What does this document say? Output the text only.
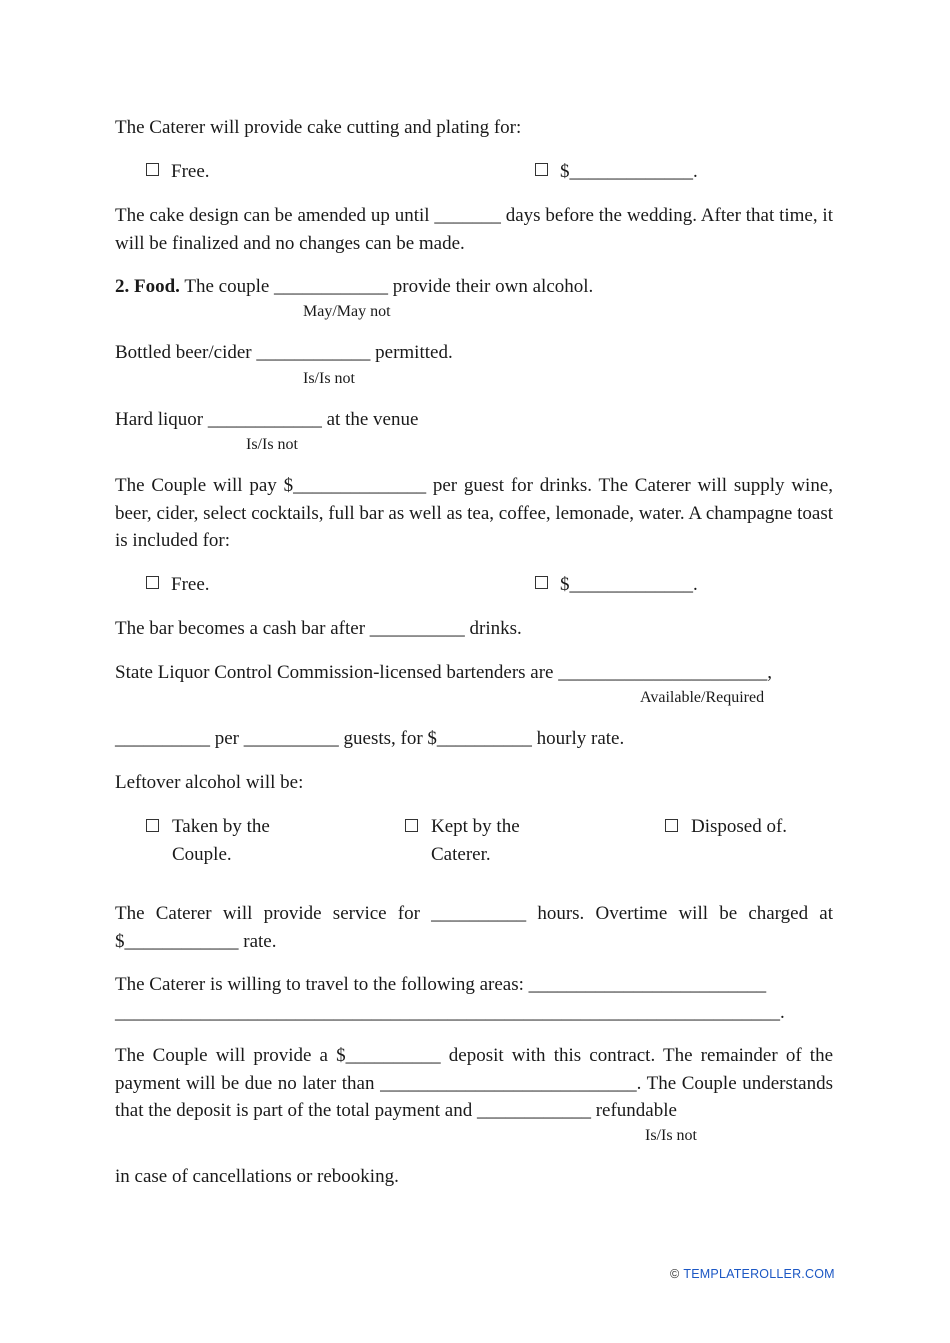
The Caterer will provide cake cutting and plating for:

Free.	$_____________.

The cake design can be amended up until _______ days before the wedding. After that time, it will be finalized and no changes can be made.

2. Food. The couple ____________ provide their own alcohol.

May/May not

Bottled beer/cider ____________ permitted.

Is/Is not

Hard liquor ____________ at the venue

Is/Is not

The Couple will pay $______________ per guest for drinks. The Caterer will supply wine, beer, cider, select cocktails, full bar as well as tea, coffee, lemonade, water. A champagne toast is included for:

Free.	$_____________.

The bar becomes a cash bar after __________ drinks.

State Liquor Control Commission-licensed bartenders are ______________________,

Available/Required

__________ per __________ guests, for $__________ hourly rate.

Leftover alcohol will be:

Taken by the Couple.
Kept by the Caterer.
Disposed of.

The Caterer will provide service for __________ hours. Overtime will be charged at $____________ rate.

The Caterer is willing to travel to the following areas: _________________________

______________________________________________________________________.

The Couple will provide a $__________ deposit with this contract. The remainder of the payment will be due no later than ___________________________. The Couple understands that the deposit is part of the total payment and ____________ refundable

Is/Is not

in case of cancellations or rebooking.

© TEMPLATEROLLER.COM
